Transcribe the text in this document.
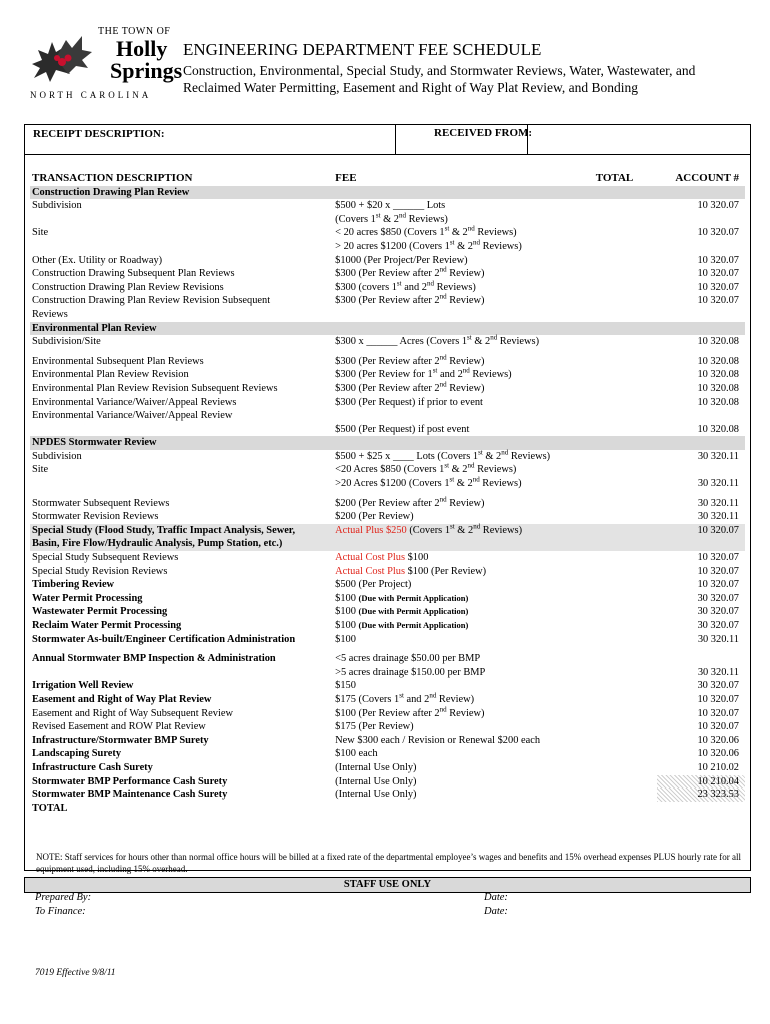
THE TOWN OF
Holly
Springs
NORTH CAROLINA
ENGINEERING DEPARTMENT FEE SCHEDULE
Construction, Environmental, Special Study, and Stormwater Reviews, Water, Wastewater, and Reclaimed Water Permitting, Easement and Right of Way Plat Review, and Bonding
RECEIPT DESCRIPTION:	RECEIVED FROM:
TRANSACTION DESCRIPTION	FEE	TOTAL	ACCOUNT #
Construction Drawing Plan Review			
Subdivision	$500 + $20 x ______ Lots		10 320.07
	(Covers 1st & 2nd Reviews)		
Site	< 20 acres $850 (Covers 1st & 2nd Reviews)		10 320.07
	> 20 acres $1200 (Covers 1st & 2nd Reviews)		
Other (Ex. Utility or Roadway)	$1000 (Per Project/Per Review)		10 320.07
Construction Drawing Subsequent Plan Reviews	$300 (Per Review after 2nd Review)		10 320.07
Construction Drawing Plan Review Revisions	$300 (covers 1st and 2nd Reviews)		10 320.07
Construction Drawing Plan Review Revision Subsequent	$300 (Per Review after 2nd Review)		10 320.07
Reviews			
Environmental Plan Review			
Subdivision/Site	$300 x ______ Acres (Covers 1st & 2nd Reviews)		10 320.08

Environmental Subsequent Plan Reviews	$300 (Per Review after 2nd Review)		10 320.08
Environmental Plan Review Revision	$300 (Per Review for 1st and 2nd Reviews)		10 320.08
Environmental Plan Review Revision Subsequent Reviews	$300 (Per Review after 2nd Review)		10 320.08
Environmental Variance/Waiver/Appeal Reviews	$300 (Per Request) if prior to event		10 320.08
Environmental Variance/Waiver/Appeal Review			
	$500 (Per Request) if post event		10 320.08
NPDES Stormwater Review			
Subdivision	$500 + $25 x ____ Lots (Covers 1st & 2nd Reviews)		30 320.11
Site	<20 Acres $850 (Covers 1st & 2nd Reviews)		
	>20 Acres $1200 (Covers 1st & 2nd Reviews)		30 320.11

Stormwater Subsequent Reviews	$200 (Per Review after 2nd Review)		30 320.11
Stormwater Revision Reviews	$200 (Per Review)		30 320.11
Special Study (Flood Study, Traffic Impact Analysis, Sewer,	Actual Plus $250 (Covers 1st & 2nd Reviews)		10 320.07
Basin, Fire Flow/Hydraulic Analysis, Pump Station, etc.)			
Special Study Subsequent Reviews	Actual Cost Plus $100		10 320.07
Special Study Revision Reviews	Actual Cost Plus $100 (Per Review)		10 320.07
Timbering Review	$500 (Per Project)		10 320.07
Water Permit Processing	$100 (Due with Permit Application)		30 320.07
Wastewater Permit Processing	$100 (Due with Permit Application)		30 320.07
Reclaim Water Permit Processing	$100 (Due with Permit Application)		30 320.07
Stormwater As-built/Engineer Certification Administration	$100		30 320.11

Annual Stormwater BMP Inspection & Administration	<5 acres drainage $50.00 per BMP		
	>5 acres drainage $150.00 per BMP		30 320.11
Irrigation Well Review	$150		30 320.07
Easement and Right of Way Plat Review	$175 (Covers 1st and 2nd Review)		10 320.07
Easement and Right of Way Subsequent Review	$100 (Per Review after 2nd Review)		10 320.07
Revised Easement and ROW Plat Review	$175 (Per Review)		10 320.07
Infrastructure/Stormwater BMP Surety	New $300 each / Revision or Renewal $200 each		10 320.06
Landscaping Surety	$100 each		10 320.06
Infrastructure Cash Surety	(Internal Use Only)		10 210.02
Stormwater BMP Performance Cash Surety	(Internal Use Only)		10 210.04
Stormwater BMP Maintenance Cash Surety	(Internal Use Only)		23 323.53
TOTAL			
NOTE: Staff services for hours other than normal office hours will be billed at a fixed rate of the departmental employee’s wages and benefits and 15% overhead expenses PLUS hourly rate for all equipment used, including 15% overhead.
STAFF USE ONLY
Prepared By:
To Finance:
Date:
Date:
7019 Effective 9/8/11
